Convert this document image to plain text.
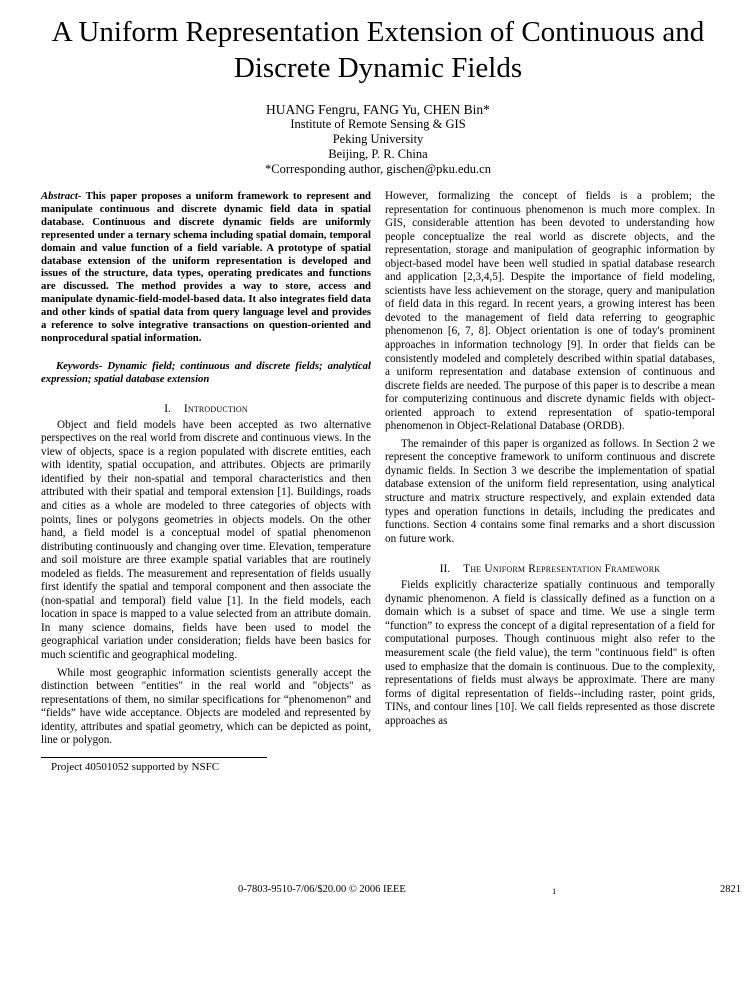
A Uniform Representation Extension of Continuous and Discrete Dynamic Fields
HUANG Fengru, FANG Yu, CHEN Bin*
Institute of Remote Sensing & GIS
Peking University
Beijing, P. R. China
*Corresponding author, gischen@pku.edu.cn

Abstract- This paper proposes a uniform framework to represent and manipulate continuous and discrete dynamic field data in spatial database. Continuous and discrete dynamic fields are uniformly represented under a ternary schema including spatial domain, temporal domain and value function of a field variable. A prototype of spatial database extension of the uniform representation is developed and issues of the structure, data types, operating predicates and functions are discussed. The method provides a way to store, access and manipulate dynamic-field-model-based data. It also integrates field data and other kinds of spatial data from query language level and provides a reference to solve integrative transactions on question-oriented and nonprocedural spatial information.

Keywords- Dynamic field; continuous and discrete fields; analytical expression; spatial database extension

I. Introduction

Object and field models have been accepted as two alternative perspectives on the real world from discrete and continuous views. In the view of objects, space is a region populated with discrete entities, each with identity, spatial occupation, and attributes. Objects are primarily identified by their non-spatial and temporal characteristics and then attributed with their spatial and temporal extension [1]. Buildings, roads and cities as a whole are modeled to three categories of objects with points, lines or polygons geometries in objects models. On the other hand, a field model is a conceptual model of spatial phenomenon distributing continuously and changing over time. Elevation, temperature and soil moisture are three example spatial variables that are routinely modeled as fields. The measurement and representation of fields usually first identify the spatial and temporal component and then associate the (non-spatial and temporal) field value [1]. In the field models, each location in space is mapped to a value selected from an attribute domain. In many science domains, fields have been used to model the geographical variation under consideration; fields have been basics for much scientific and geographical modeling.

While most geographic information scientists generally accept the distinction between "entities" in the real world and "objects" as representations of them, no similar specifications for “phenomenon” and “fields” have wide acceptance. Objects are modeled and represented by identity, attributes and spatial geometry, which can be depicted as point, line or polygon.

Project 40501052 supported by NSFC

However, formalizing the concept of fields is a problem; the representation for continuous phenomenon is much more complex. In GIS, considerable attention has been devoted to understanding how people conceptualize the real world as discrete objects, and the representation, storage and manipulation of geographic information by object-based model have been well studied in spatial database research and application [2,3,4,5]. Despite the importance of field modeling, scientists have less achievement on the storage, query and manipulation of field data in this regard. In recent years, a growing interest has been devoted to the management of field data referring to geographic phenomenon [6, 7, 8]. Object orientation is one of today's prominent approaches in information technology [9]. In order that fields can be consistently modeled and completely described within spatial databases, a uniform representation and database extension of continuous and discrete fields are needed. The purpose of this paper is to describe a mean for computerizing continuous and discrete dynamic fields with object-oriented approach to extend representation of spatio-temporal phenomenon in Object-Relational Database (ORDB).

The remainder of this paper is organized as follows. In Section 2 we represent the conceptive framework to uniform continuous and discrete dynamic fields. In Section 3 we describe the implementation of spatial database extension of the uniform field representation, using analytical structure and matrix structure respectively, and explain extended data types and operation functions in details, including the predicates and functions. Section 4 contains some final remarks and a short discussion on future work.

II. The Uniform Representation Framework

Fields explicitly characterize spatially continuous and temporally dynamic phenomenon. A field is classically defined as a function on a domain which is a subset of space and time. We use a single term “function” to express the concept of a digital representation of a field for computational purposes. Though continuous might also refer to the measurement scale (the field value), the term "continuous field" is often used to emphasize that the domain is continuous. Due to the complexity, representations of fields must always be approximate. There are many forms of digital representation of fields--including raster, point grids, TINs, and contour lines [10]. We call fields represented as those discrete approaches as

0-7803-9510-7/06/$20.00 © 2006 IEEE	1	2821
